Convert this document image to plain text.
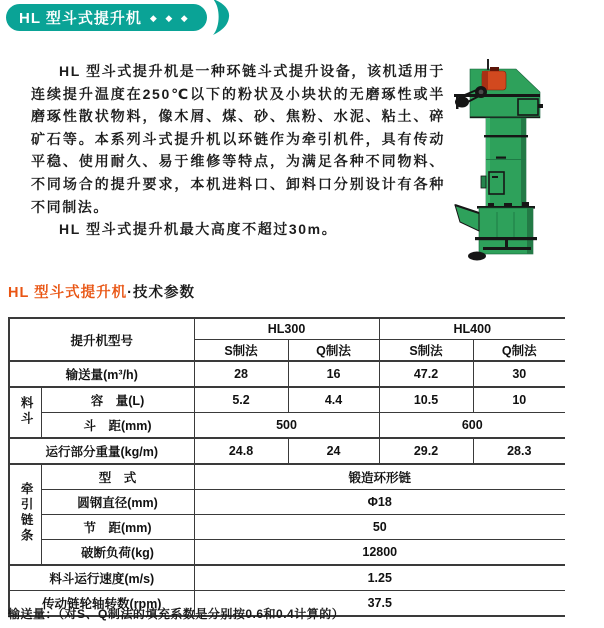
HL 型斗式提升机 ◆ ◆ ◆

HL 型斗式提升机是一种环链斗式提升设备，该机适用于连续提升温度在250℃以下的粉状及小块状的无磨琢性或半磨琢性散状物料，像木屑、煤、砂、焦粉、水泥、粘土、碎矿石等。本系列斗式提升机以环链作为牵引机件，具有传动平稳、使用耐久、易于维修等特点，为满足各种不同物料、不同场合的提升要求，本机进料口、卸料口分别设计有各种不同制法。

HL 型斗式提升机最大高度不超过30m。

HL 型斗式提升机·技术参数
提升机型号		HL300		HL400	
		S制法	Q制法	S制法	Q制法
输送量(m³/h)		28	16	47.2	30
料斗	容　量(L)	5.2	4.4	10.5	10
	斗　距(mm)	500		600	
运行部分重量(kg/m)		24.8	24	29.2	28.3
牵引链条	型　式	锻造环形链			
	圆钢直径(mm)	Φ18			
	节　距(mm)	50			
	破断负荷(kg)	12800			
料斗运行速度(m/s)		1.25			
传动链轮轴转数(rpm)		37.5			
输送量：（对S、Q制法的填充系数是分别按0.6和0.4计算的）
